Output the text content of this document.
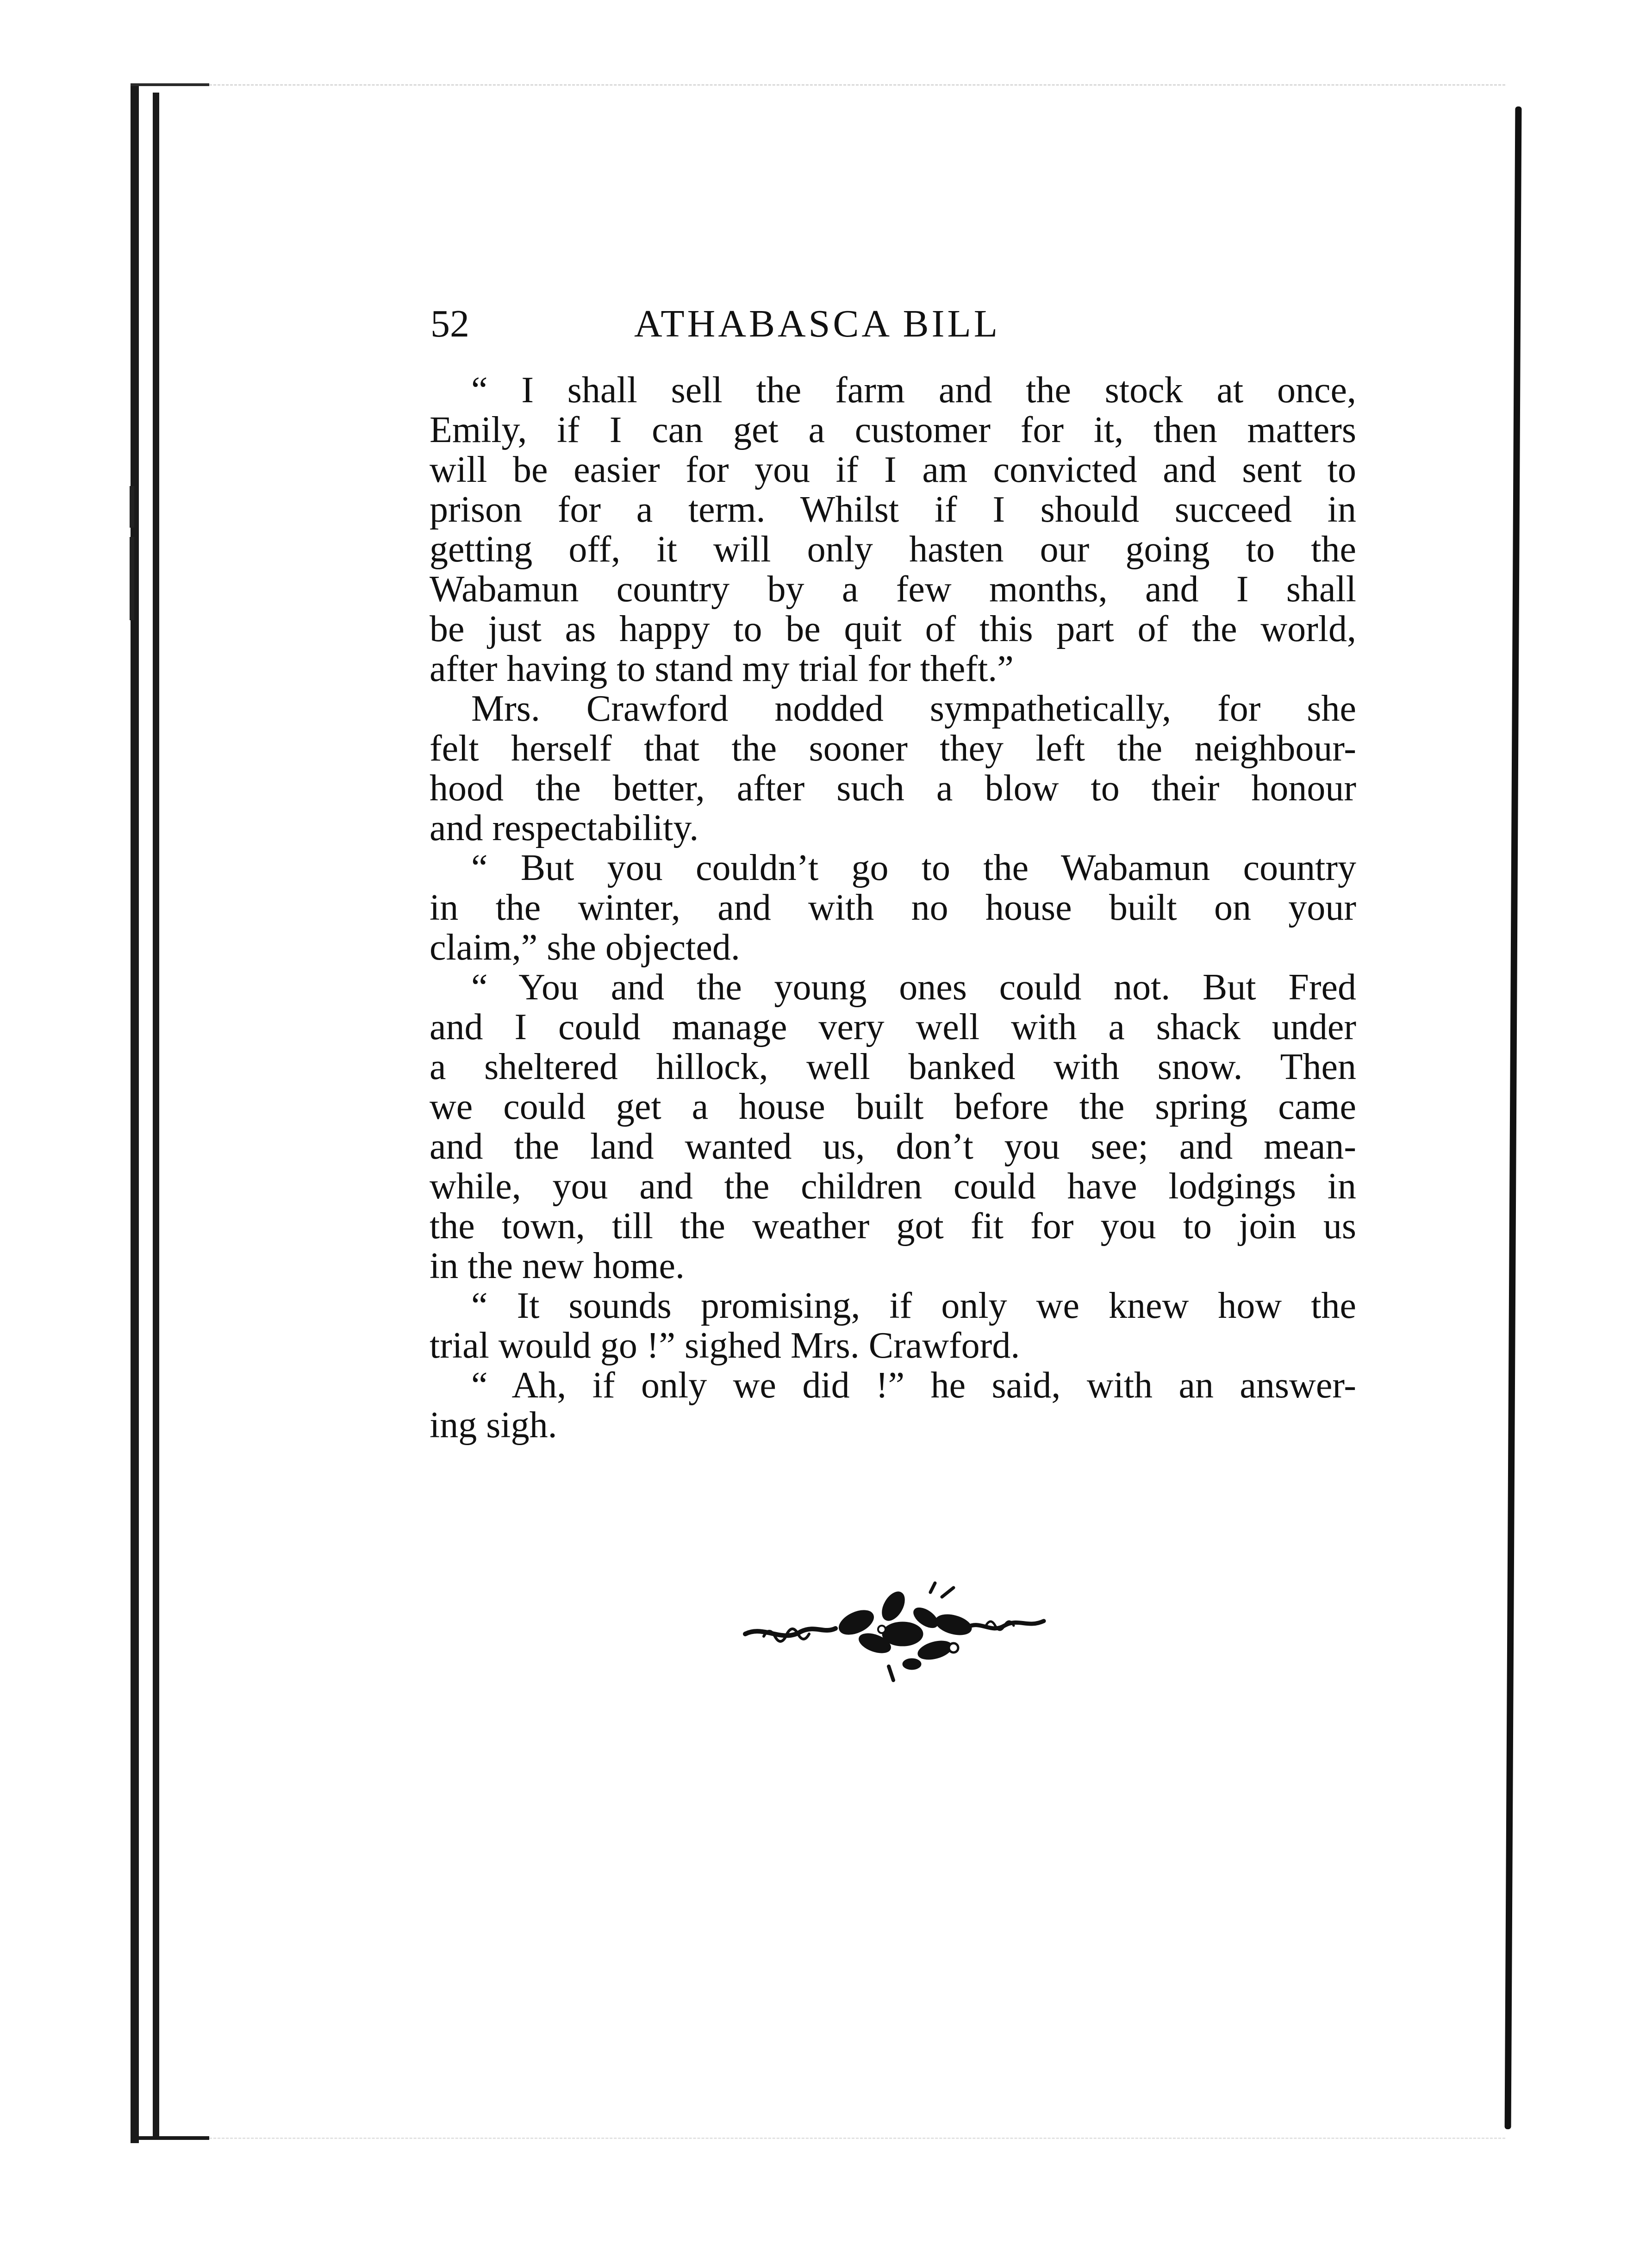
52	ATHABASCA BILL
“ I shall sell the farm and the stock at once,
Emily, if I can get a customer for it, then matters
will be easier for you if I am convicted and sent to
prison for a term. Whilst if I should succeed in
getting off, it will only hasten our going to the
Wabamun country by a few months, and I shall
be just as happy to be quit of this part of the world,
after having to stand my trial for theft.”
Mrs. Crawford nodded sympathetically, for she
felt herself that the sooner they left the neighbour-
hood the better, after such a blow to their honour
and respectability.
“ But you couldn’t go to the Wabamun country
in the winter, and with no house built on your
claim,” she objected.
“ You and the young ones could not. But Fred
and I could manage very well with a shack under
a sheltered hillock, well banked with snow. Then
we could get a house built before the spring came
and the land wanted us, don’t you see; and mean-
while, you and the children could have lodgings in
the town, till the weather got fit for you to join us
in the new home.
“ It sounds promising, if only we knew how the
trial would go !” sighed Mrs. Crawford.
“ Ah, if only we did !” he said, with an answer-
ing sigh.
